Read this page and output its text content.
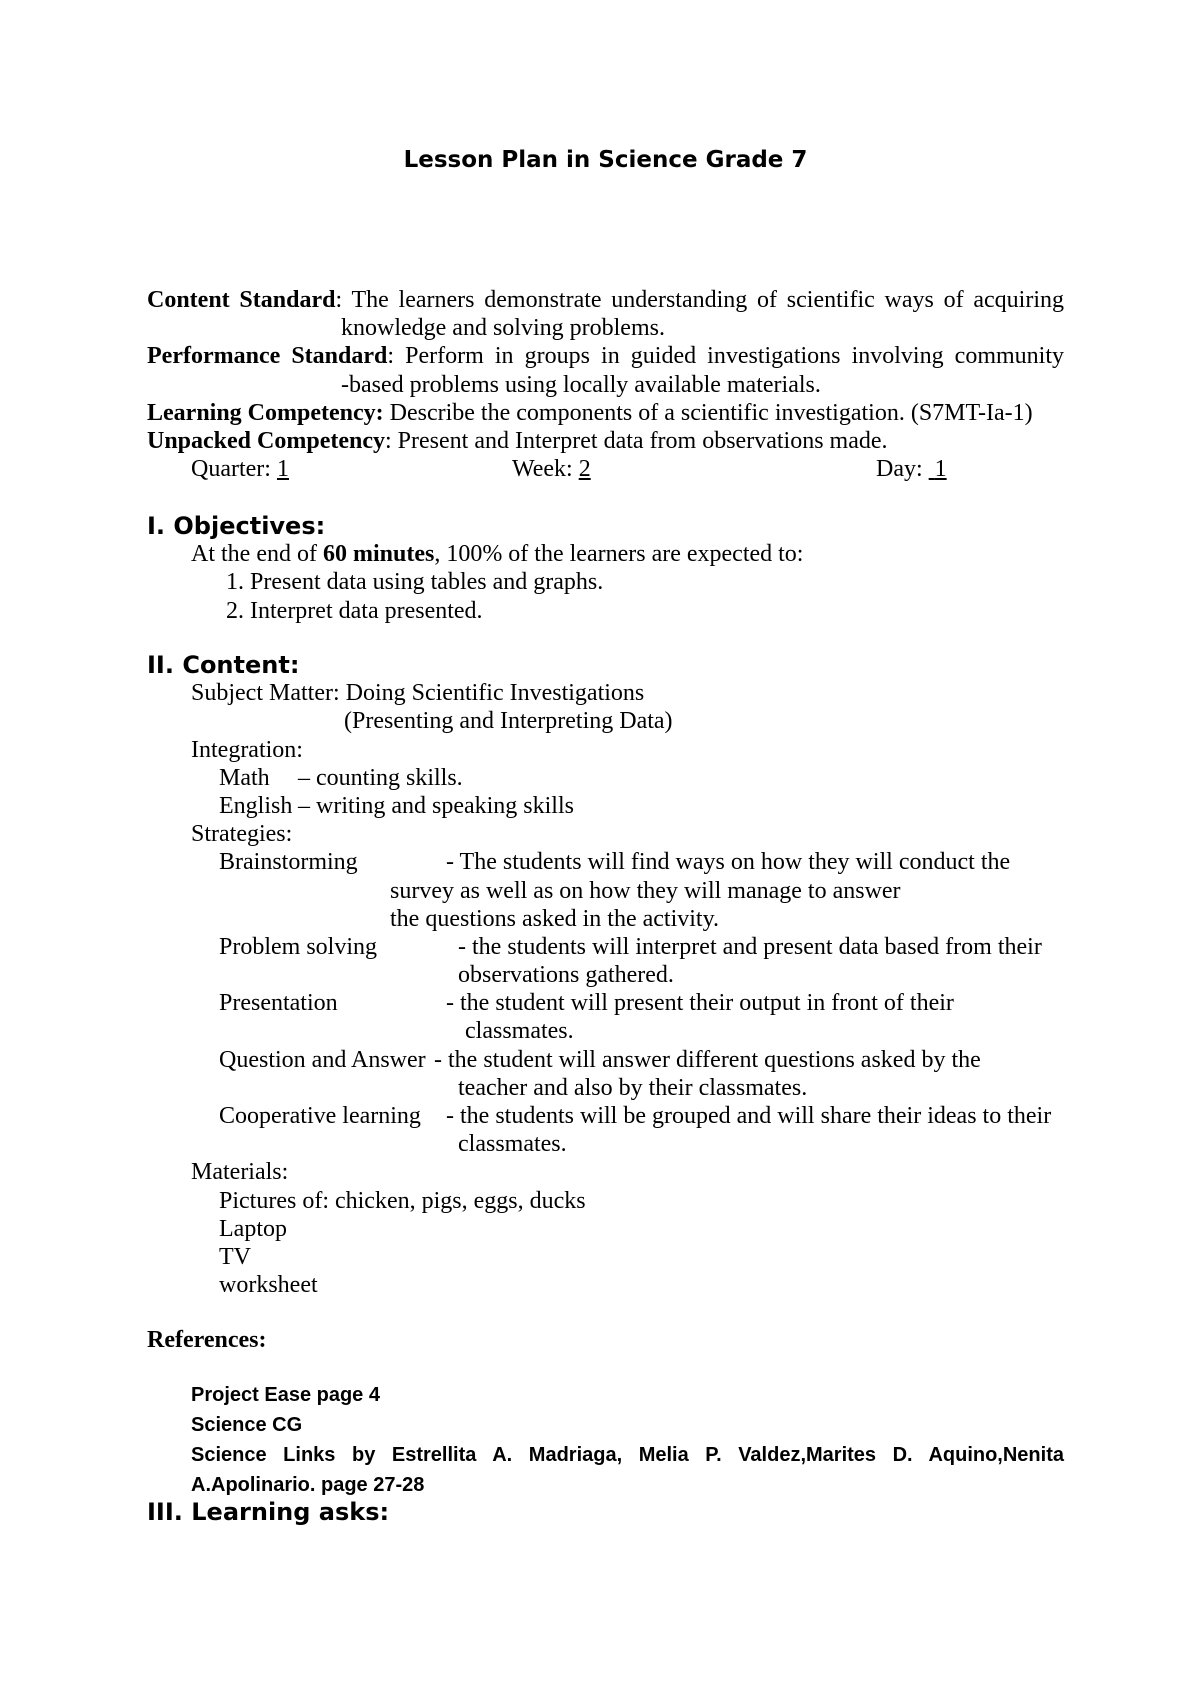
Lesson Plan in Science Grade 7
Content Standard: The learners demonstrate understanding of scientific ways of acquiring
knowledge and solving problems.
Performance Standard: Perform in groups in guided investigations involving community
-based problems using locally available materials.
Learning Competency: Describe the components of a scientific investigation. (S7MT-Ia-1)
Unpacked Competency: Present and Interpret data from observations made.
Quarter: 1	Week: 2	Day: 1
I. Objectives:
At the end of 60 minutes, 100% of the learners are expected to:
1. Present data using tables and graphs.
2. Interpret data presented.
II. Content:
Subject Matter: Doing Scientific Investigations
(Presenting and Interpreting Data)
Integration:
Math – counting skills.
English – writing and speaking skills
Strategies:
Brainstorming	- The students will find ways on how they will conduct the
survey as well as on how they will manage to answer
the questions asked in the activity.
Problem solving	- the students will interpret and present data based from their
observations gathered.
Presentation	- the student will present their output in front of their
classmates.
Question and Answer - the student will answer different questions asked by the
teacher and also by their classmates.
Cooperative learning - the students will be grouped and will share their ideas to their
classmates.
Materials:
Pictures of: chicken, pigs, eggs, ducks
Laptop
TV
worksheet
References:
Project Ease page 4
Science CG
Science Links by Estrellita A. Madriaga, Melia P. Valdez,Marites D. Aquino,Nenita
A.Apolinario. page 27-28
III. Learning asks:
